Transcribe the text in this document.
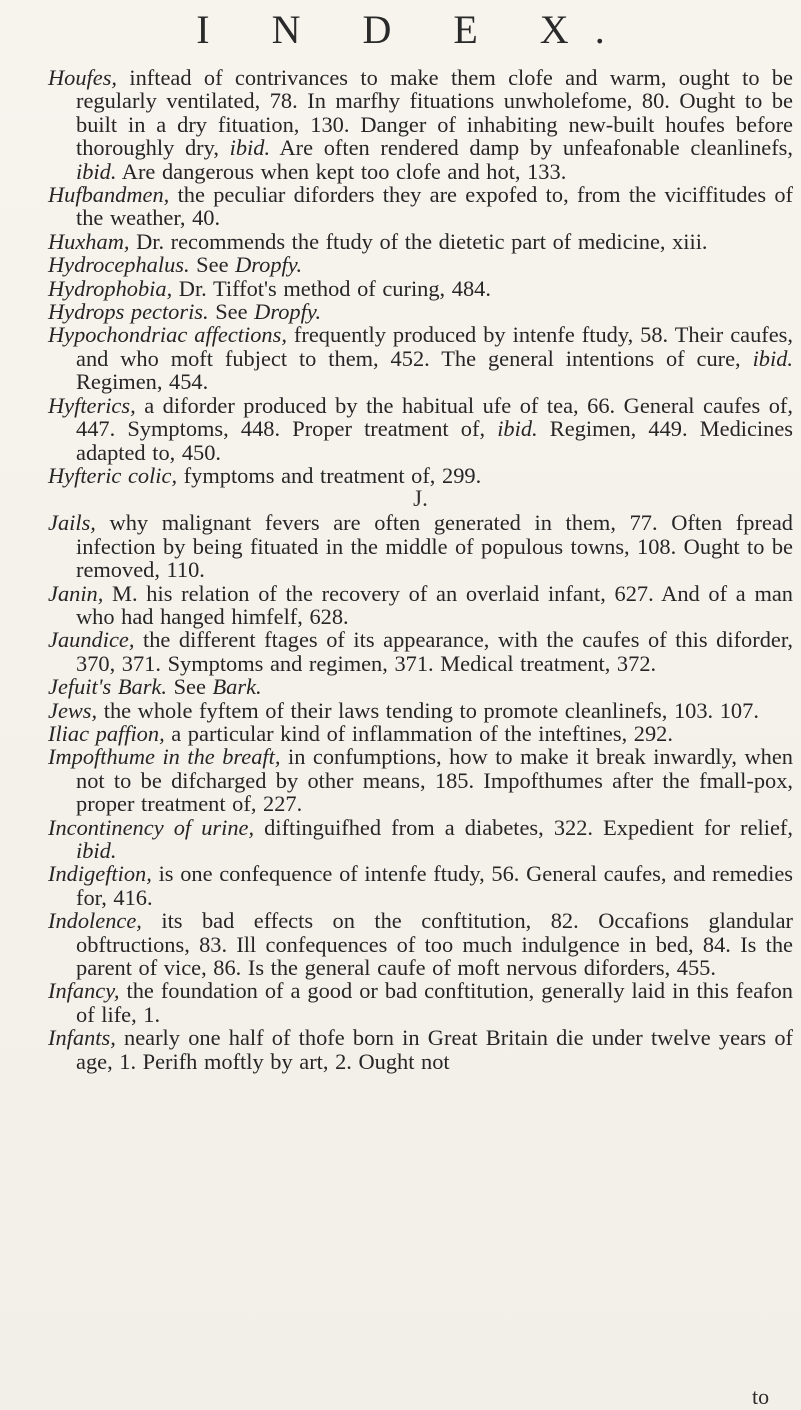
I N D E X.

Houfes, inftead of contrivances to make them clofe and warm, ought to be regularly ventilated, 78. In marfhy fituations unwholefome, 80. Ought to be built in a dry fituation, 130. Danger of inhabiting new-built houfes before thoroughly dry, ibid. Are often rendered damp by unfeafonable cleanlinefs, ibid. Are dangerous when kept too clofe and hot, 133.

Hufbandmen, the peculiar diforders they are expofed to, from the viciffitudes of the weather, 40.

Huxham, Dr. recommends the ftudy of the dietetic part of medicine, xiii.

Hydrocephalus. See Dropfy.

Hydrophobia, Dr. Tiffot's method of curing, 484.

Hydrops pectoris. See Dropfy.

Hypochondriac affections, frequently produced by intenfe ftudy, 58. Their caufes, and who moft fubject to them, 452. The general intentions of cure, ibid. Regimen, 454.

Hyfterics, a diforder produced by the habitual ufe of tea, 66. General caufes of, 447. Symptoms, 448. Proper treatment of, ibid. Regimen, 449. Medicines adapted to, 450.

Hyfteric colic, fymptoms and treatment of, 299.

J.

Jails, why malignant fevers are often generated in them, 77. Often fpread infection by being fituated in the middle of populous towns, 108. Ought to be removed, 110.

Janin, M. his relation of the recovery of an overlaid infant, 627. And of a man who had hanged himfelf, 628.

Jaundice, the different ftages of its appearance, with the caufes of this diforder, 370, 371. Symptoms and regimen, 371. Medical treatment, 372.

Jefuit's Bark. See Bark.

Jews, the whole fyftem of their laws tending to promote cleanlinefs, 103. 107.

Iliac paffion, a particular kind of inflammation of the inteftines, 292.

Impofthume in the breaft, in confumptions, how to make it break inwardly, when not to be difcharged by other means, 185. Impofthumes after the fmall-pox, proper treatment of, 227.

Incontinency of urine, diftinguifhed from a diabetes, 322. Expedient for relief, ibid.

Indigeftion, is one confequence of intenfe ftudy, 56. General caufes, and remedies for, 416.

Indolence, its bad effects on the conftitution, 82. Occafions glandular obftructions, 83. Ill confequences of too much indulgence in bed, 84. Is the parent of vice, 86. Is the general caufe of moft nervous diforders, 455.

Infancy, the foundation of a good or bad conftitution, generally laid in this feafon of life, 1.

Infants, nearly one half of thofe born in Great Britain die under twelve years of age, 1. Perifh moftly by art, 2. Ought not

to
